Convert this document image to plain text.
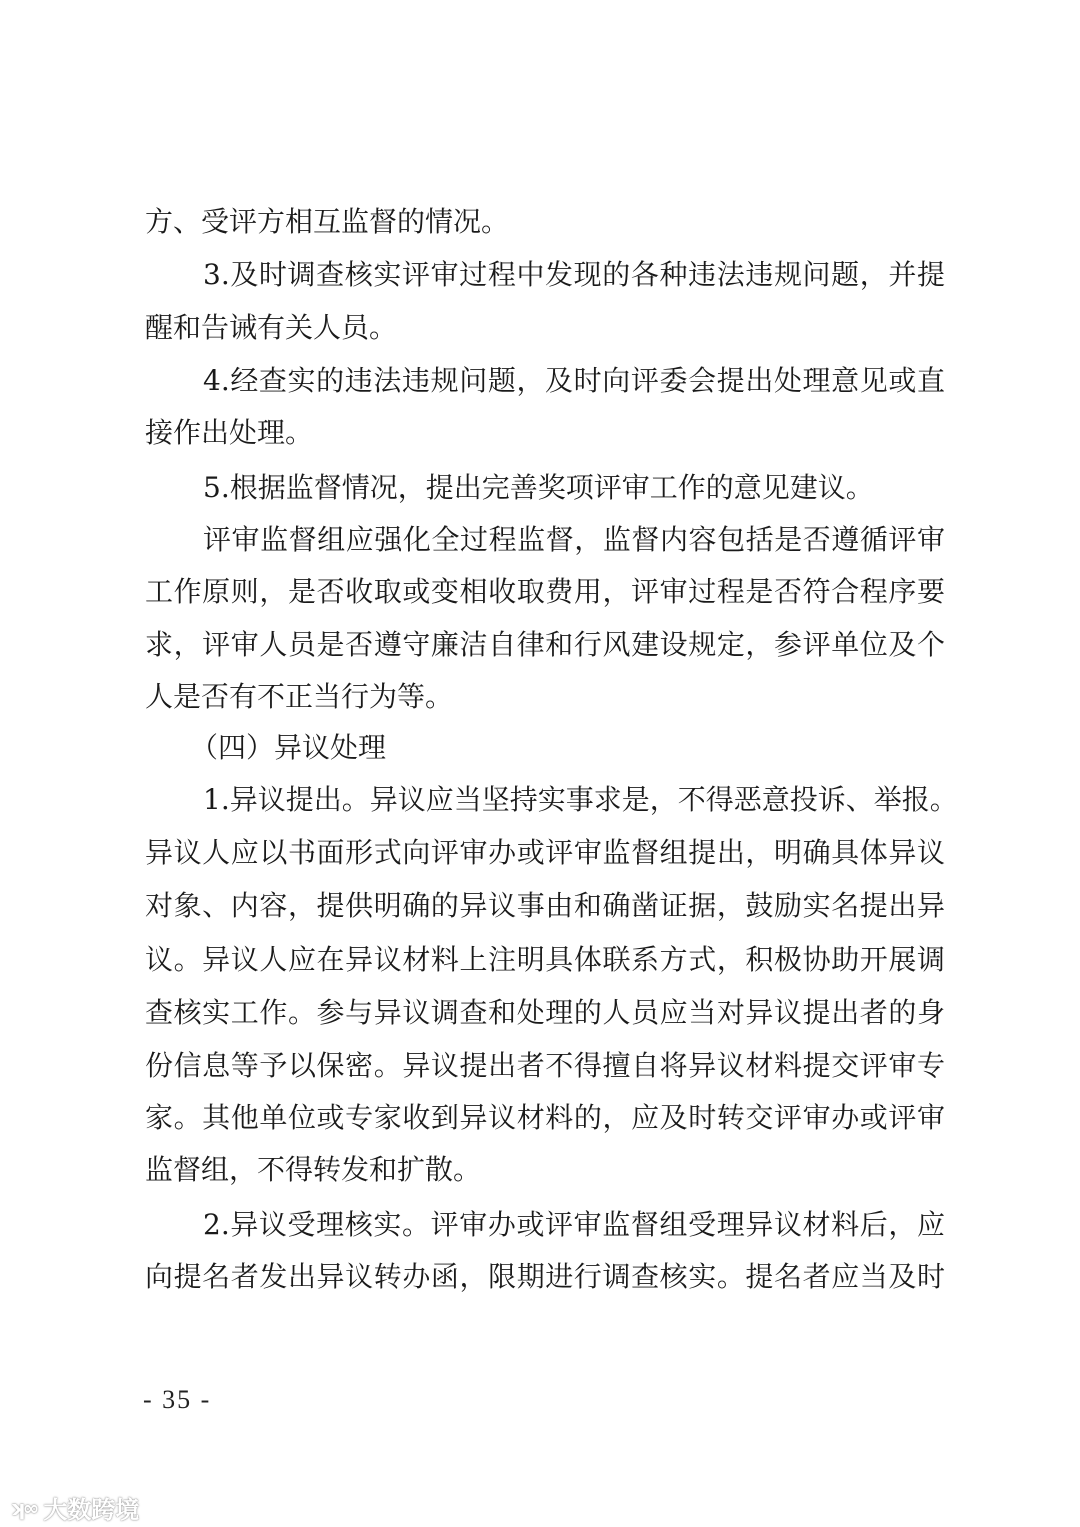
方、受评方相互监督的情况。
3.及时调查核实评审过程中发现的各种违法违规问题，并提
醒和告诫有关人员。
4.经查实的违法违规问题，及时向评委会提出处理意见或直
接作出处理。
5.根据监督情况，提出完善奖项评审工作的意见建议。
评审监督组应强化全过程监督，监督内容包括是否遵循评审
工作原则，是否收取或变相收取费用，评审过程是否符合程序要
求，评审人员是否遵守廉洁自律和行风建设规定，参评单位及个
人是否有不正当行为等。
（四）异议处理
1.异议提出。异议应当坚持实事求是，不得恶意投诉、举报。
异议人应以书面形式向评审办或评审监督组提出，明确具体异议
对象、内容，提供明确的异议事由和确凿证据，鼓励实名提出异
议。异议人应在异议材料上注明具体联系方式，积极协助开展调
查核实工作。参与异议调查和处理的人员应当对异议提出者的身
份信息等予以保密。异议提出者不得擅自将异议材料提交评审专
家。其他单位或专家收到异议材料的，应及时转交评审办或评审
监督组，不得转发和扩散。
2.异议受理核实。评审办或评审监督组受理异议材料后，应
向提名者发出异议转办函，限期进行调查核实。提名者应当及时
- 35 -
ʞ∞ 大数跨境
